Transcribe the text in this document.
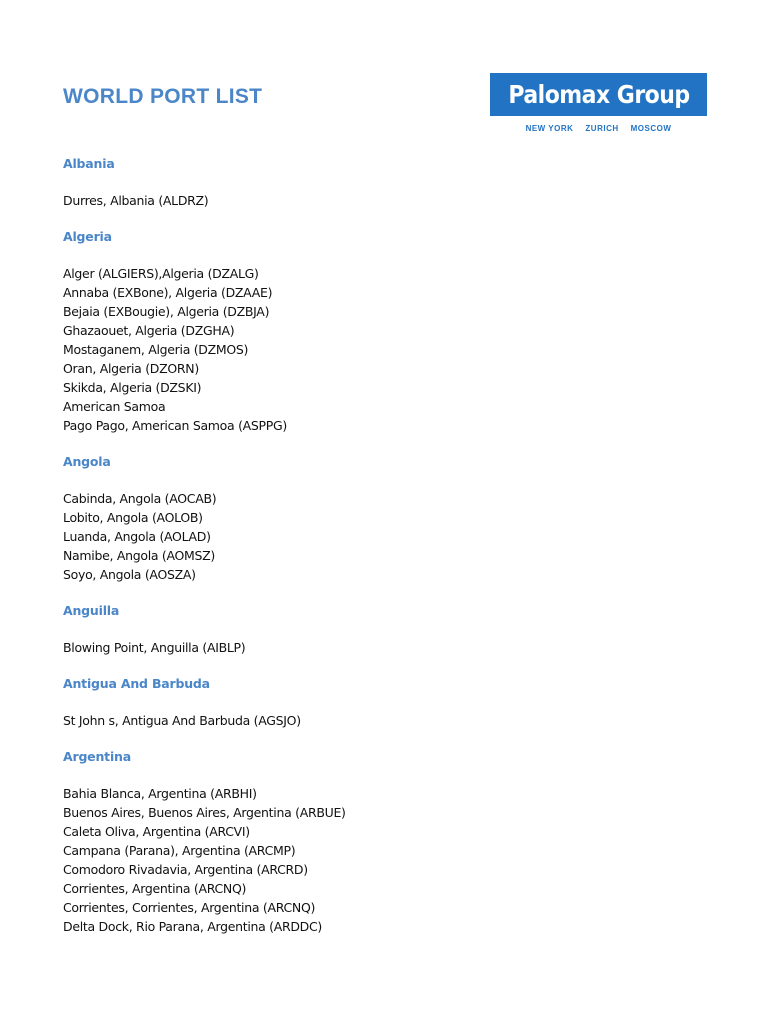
WORLD PORT LIST	Palomax Group
NEW YORK ZURICH MOSCOW
Albania
Durres, Albania (ALDRZ)
Algeria
Alger (ALGIERS),Algeria (DZALG)
Annaba (EXBone), Algeria (DZAAE)
Bejaia (EXBougie), Algeria (DZBJA)
Ghazaouet, Algeria (DZGHA)
Mostaganem, Algeria (DZMOS)
Oran, Algeria (DZORN)
Skikda, Algeria (DZSKI)
American Samoa
Pago Pago, American Samoa (ASPPG)
Angola
Cabinda, Angola (AOCAB)
Lobito, Angola (AOLOB)
Luanda, Angola (AOLAD)
Namibe, Angola (AOMSZ)
Soyo, Angola (AOSZA)
Anguilla
Blowing Point, Anguilla (AIBLP)
Antigua And Barbuda
St John s, Antigua And Barbuda (AGSJO)
Argentina
Bahia Blanca, Argentina (ARBHI)
Buenos Aires, Buenos Aires, Argentina (ARBUE)
Caleta Oliva, Argentina (ARCVI)
Campana (Parana), Argentina (ARCMP)
Comodoro Rivadavia, Argentina (ARCRD)
Corrientes, Argentina (ARCNQ)
Corrientes, Corrientes, Argentina (ARCNQ)
Delta Dock, Rio Parana, Argentina (ARDDC)
